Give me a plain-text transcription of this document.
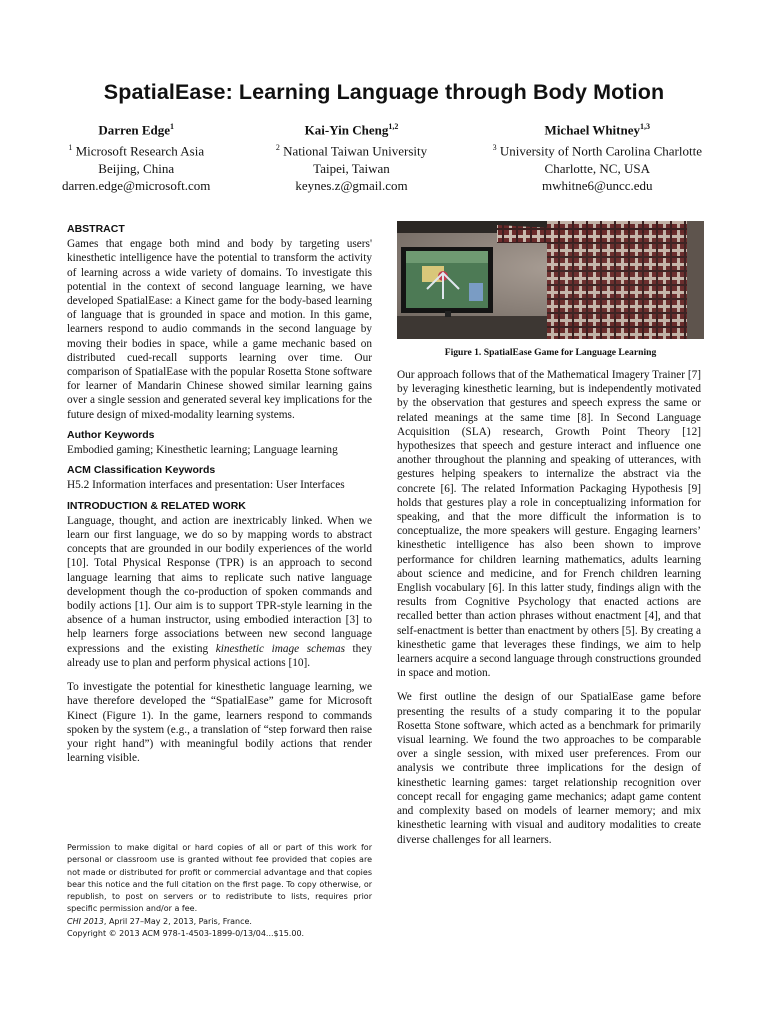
SpatialEase: Learning Language through Body Motion
Darren Edge$^1$
$^1$ Microsoft Research Asia
Beijing, China
darren.edge@microsoft.com
Kai-Yin Cheng$^{1,2}$
$^2$ National Taiwan University
Taipei, Taiwan
keynes.z@gmail.com
Michael Whitney$^{1,3}$
$^3$ University of North Carolina Charlotte
Charlotte, NC, USA
mwhitne6@uncc.edu
ABSTRACT

Games that engage both mind and body by targeting users' kinesthetic intelligence have the potential to transform the activity of learning across a wide variety of domains. To investigate this potential in the context of second language learning, we have developed SpatialEase: a Kinect game for the body-based learning of language that is grounded in space and motion. In this game, learners respond to audio commands in the second language by moving their bodies in space, while a game mechanic based on distributed cued-recall supports learning over time. Our comparison of SpatialEase with the popular Rosetta Stone software for learner of Mandarin Chinese showed similar learning gains over a single session and generated several key implications for the future design of mixed-modality learning systems.

Author Keywords

Embodied gaming; Kinesthetic learning; Language learning

ACM Classification Keywords

H5.2 Information interfaces and presentation: User Interfaces

INTRODUCTION & RELATED WORK

Language, thought, and action are inextricably linked. When we learn our first language, we do so by mapping words to abstract concepts that are grounded in our bodily experiences of the world [10]. Total Physical Response (TPR) is an approach to second language learning that aims to replicate such native language development though the co-production of spoken commands and bodily actions [1]. Our aim is to support TPR-style learning in the absence of a human instructor, using embodied interaction [3] to help learners forge associations between new second language expressions and the existing kinesthetic image schemas they already use to plan and perform physical actions [10].

To investigate the potential for kinesthetic language learning, we have therefore developed the “SpatialEase” game for Microsoft Kinect (Figure 1). In the game, learners respond to commands spoken by the system (e.g., a translation of “step forward then raise your right hand”) with meaningful bodily actions that render learning visible.

Figure 1. SpatialEase Game for Language Learning

Our approach follows that of the Mathematical Imagery Trainer [7] by leveraging kinesthetic learning, but is independently motivated by the observation that gestures and speech express the same or related meanings at the same time [8]. In Second Language Acquisition (SLA) research, Growth Point Theory [12] hypothesizes that speech and gesture interact and influence one another throughout the planning and speaking of utterances, with gestures helping speakers to internalize the abstract via the concrete [6]. The related Information Packaging Hypothesis [9] holds that gestures play a role in conceptualizing information for speaking, and that the more difficult the information is to conceptualize, the more speakers will gesture. Engaging learners’ kinesthetic intelligence has also been shown to improve performance for children learning mathematics, adults learning about science and medicine, and for French children learning English vocabulary [6]. In this latter study, findings align with the results from Cognitive Psychology that enacted actions are recalled better than action phrases without enactment [4], and that self-enactment is better than enactment by others [5]. By creating a kinesthetic game that leverages these findings, we aim to help learners acquire a second language through constructions grounded in space and motion.

We first outline the design of our SpatialEase game before presenting the results of a study comparing it to the popular Rosetta Stone software, which acted as a benchmark for primarily visual learning. We found the two approaches to be comparable over a single session, with mixed user preferences. From our analysis we contribute three implications for the design of kinesthetic learning games: target relationship recognition over concept recall for engaging game mechanics; adapt game content and complexity based on models of learner memory; and mix kinesthetic learning with visual and auditory modalities to create diverse challenges for all learners.

Permission to make digital or hard copies of all or part of this work for personal or classroom use is granted without fee provided that copies are not made or distributed for profit or commercial advantage and that copies bear this notice and the full citation on the first page. To copy otherwise, or republish, to post on servers or to redistribute to lists, requires prior specific permission and/or a fee.
CHI 2013, April 27–May 2, 2013, Paris, France.
Copyright © 2013 ACM 978-1-4503-1899-0/13/04...$15.00.
